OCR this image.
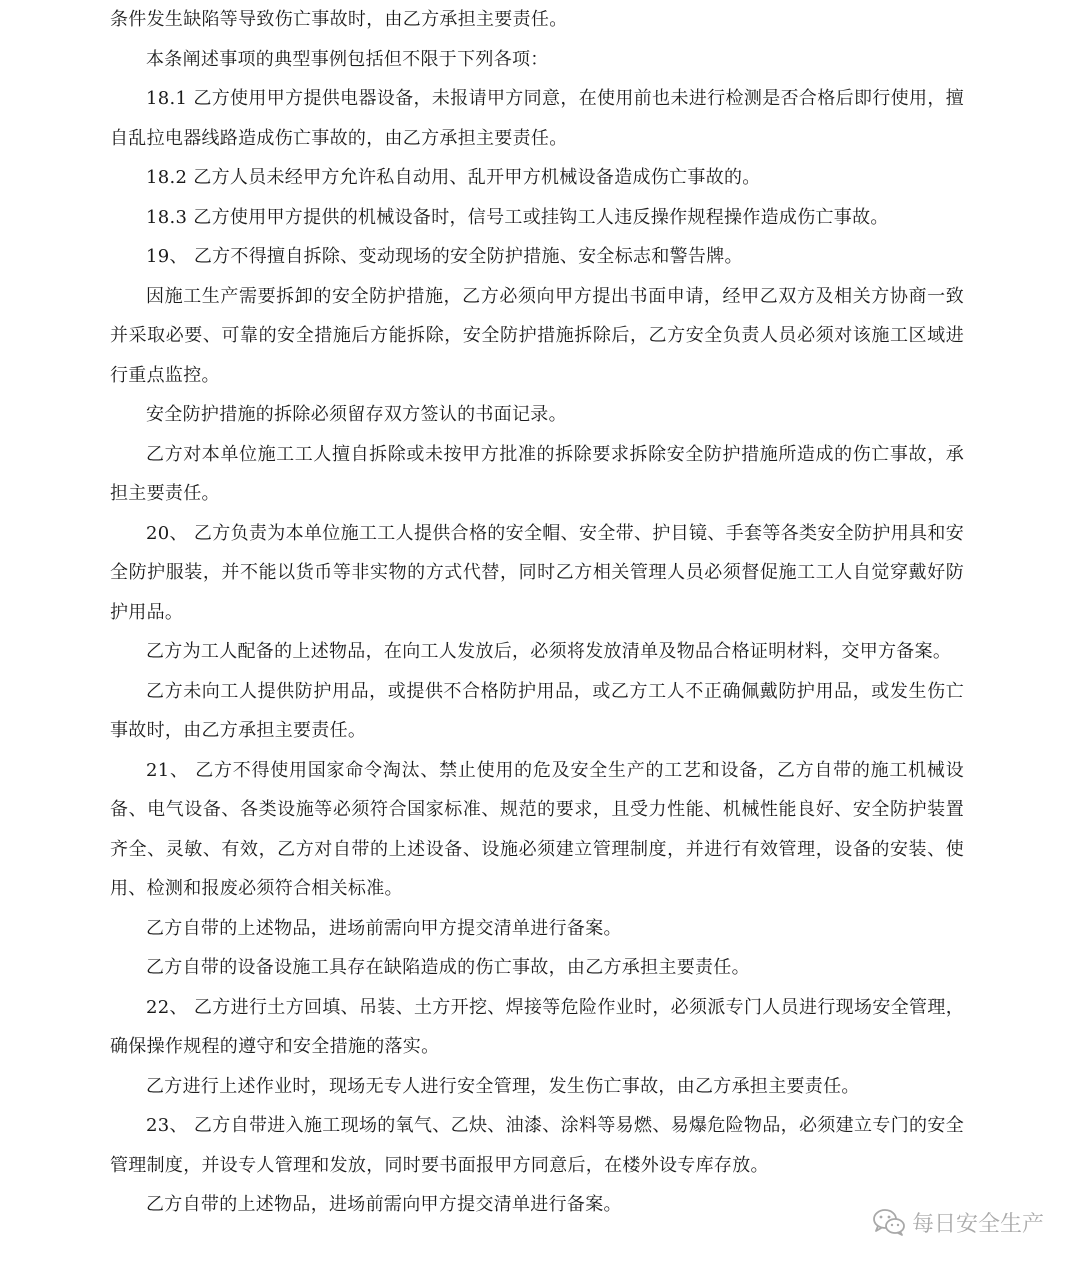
条件发生缺陷等导致伤亡事故时，由乙方承担主要责任。

本条阐述事项的典型事例包括但不限于下列各项：

18.1 乙方使用甲方提供电器设备，未报请甲方同意，在使用前也未进行检测是否合格后即行使用，擅自乱拉电器线路造成伤亡事故的，由乙方承担主要责任。

18.2 乙方人员未经甲方允许私自动用、乱开甲方机械设备造成伤亡事故的。

18.3 乙方使用甲方提供的机械设备时，信号工或挂钩工人违反操作规程操作造成伤亡事故。

19、 乙方不得擅自拆除、变动现场的安全防护措施、安全标志和警告牌。

因施工生产需要拆卸的安全防护措施，乙方必须向甲方提出书面申请，经甲乙双方及相关方协商一致并采取必要、可靠的安全措施后方能拆除，安全防护措施拆除后，乙方安全负责人员必须对该施工区域进行重点监控。

安全防护措施的拆除必须留存双方签认的书面记录。

乙方对本单位施工工人擅自拆除或未按甲方批准的拆除要求拆除安全防护措施所造成的伤亡事故，承担主要责任。

20、 乙方负责为本单位施工工人提供合格的安全帽、安全带、护目镜、手套等各类安全防护用具和安全防护服装，并不能以货币等非实物的方式代替，同时乙方相关管理人员必须督促施工工人自觉穿戴好防护用品。

乙方为工人配备的上述物品，在向工人发放后，必须将发放清单及物品合格证明材料，交甲方备案。

乙方未向工人提供防护用品，或提供不合格防护用品，或乙方工人不正确佩戴防护用品，或发生伤亡事故时，由乙方承担主要责任。

21、 乙方不得使用国家命令淘汰、禁止使用的危及安全生产的工艺和设备，乙方自带的施工机械设备、电气设备、各类设施等必须符合国家标准、规范的要求，且受力性能、机械性能良好、安全防护装置齐全、灵敏、有效，乙方对自带的上述设备、设施必须建立管理制度，并进行有效管理，设备的安装、使用、检测和报废必须符合相关标准。

乙方自带的上述物品，进场前需向甲方提交清单进行备案。

乙方自带的设备设施工具存在缺陷造成的伤亡事故，由乙方承担主要责任。

22、 乙方进行土方回填、吊装、土方开挖、焊接等危险作业时，必须派专门人员进行现场安全管理，确保操作规程的遵守和安全措施的落实。

乙方进行上述作业时，现场无专人进行安全管理，发生伤亡事故，由乙方承担主要责任。

23、 乙方自带进入施工现场的氧气、乙炔、油漆、涂料等易燃、易爆危险物品，必须建立专门的安全管理制度，并设专人管理和发放，同时要书面报甲方同意后，在楼外设专库存放。

乙方自带的上述物品，进场前需向甲方提交清单进行备案。

每日安全生产
